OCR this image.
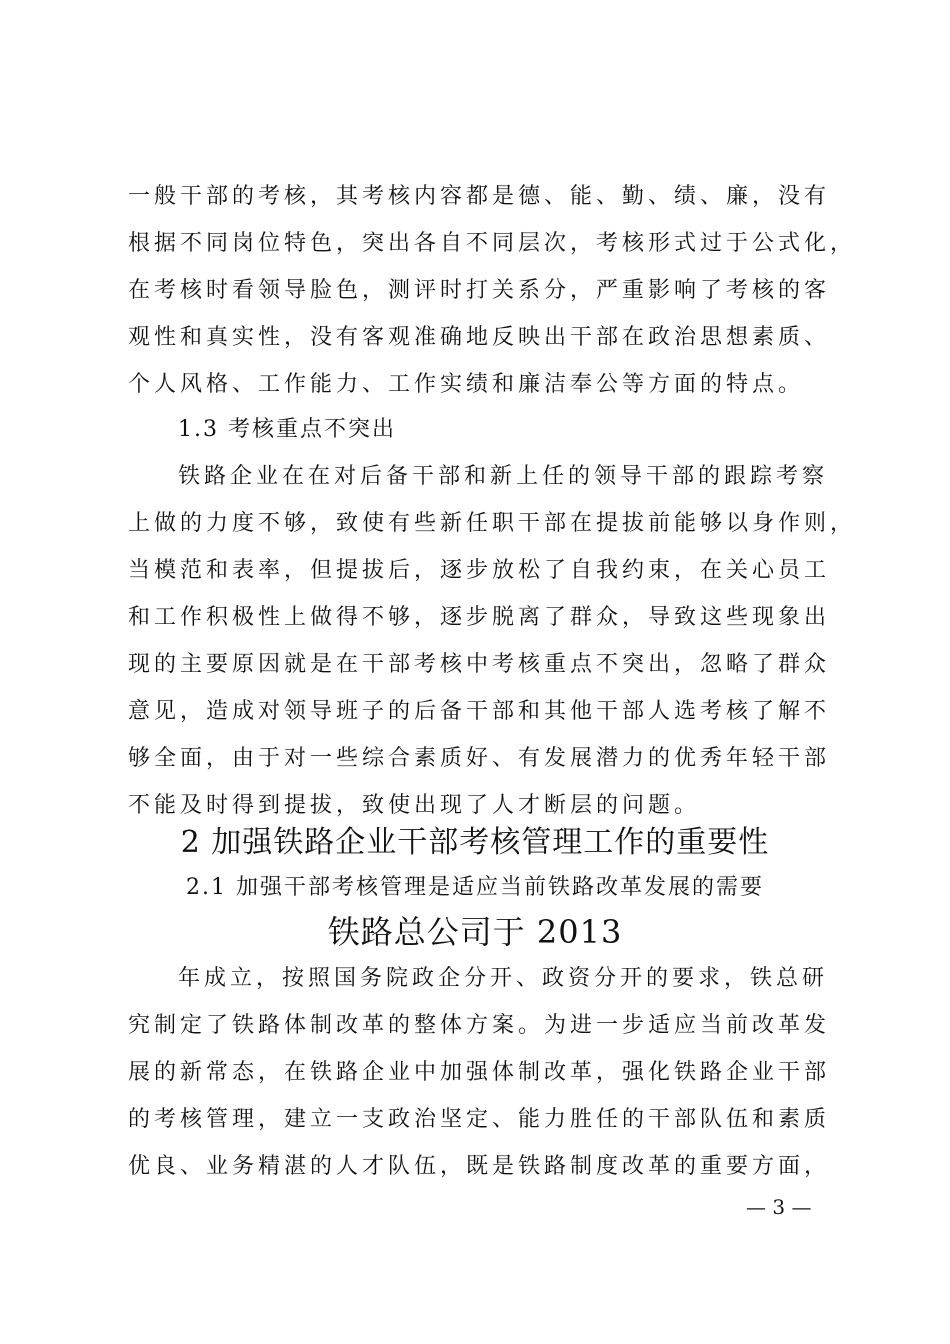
一般干部的考核，其考核内容都是德、能、勤、绩、廉，没有
根据不同岗位特色，突出各自不同层次，考核形式过于公式化，
在考核时看领导脸色，测评时打关系分，严重影响了考核的客
观性和真实性，没有客观准确地反映出干部在政治思想素质、
个人风格、工作能力、工作实绩和廉洁奉公等方面的特点。
1.3 考核重点不突出
铁路企业在在对后备干部和新上任的领导干部的跟踪考察
上做的力度不够，致使有些新任职干部在提拔前能够以身作则，
当模范和表率，但提拔后，逐步放松了自我约束，在关心员工
和工作积极性上做得不够，逐步脱离了群众，导致这些现象出
现的主要原因就是在干部考核中考核重点不突出，忽略了群众
意见，造成对领导班子的后备干部和其他干部人选考核了解不
够全面，由于对一些综合素质好、有发展潜力的优秀年轻干部
不能及时得到提拔，致使出现了人才断层的问题。
2 加强铁路企业干部考核管理工作的重要性
2.1 加强干部考核管理是适应当前铁路改革发展的需要
铁路总公司于 2013
年成立，按照国务院政企分开、政资分开的要求，铁总研
究制定了铁路体制改革的整体方案。为进一步适应当前改革发
展的新常态，在铁路企业中加强体制改革，强化铁路企业干部
的考核管理，建立一支政治坚定、能力胜任的干部队伍和素质
优良、业务精湛的人才队伍，既是铁路制度改革的重要方面，
— 3 —
